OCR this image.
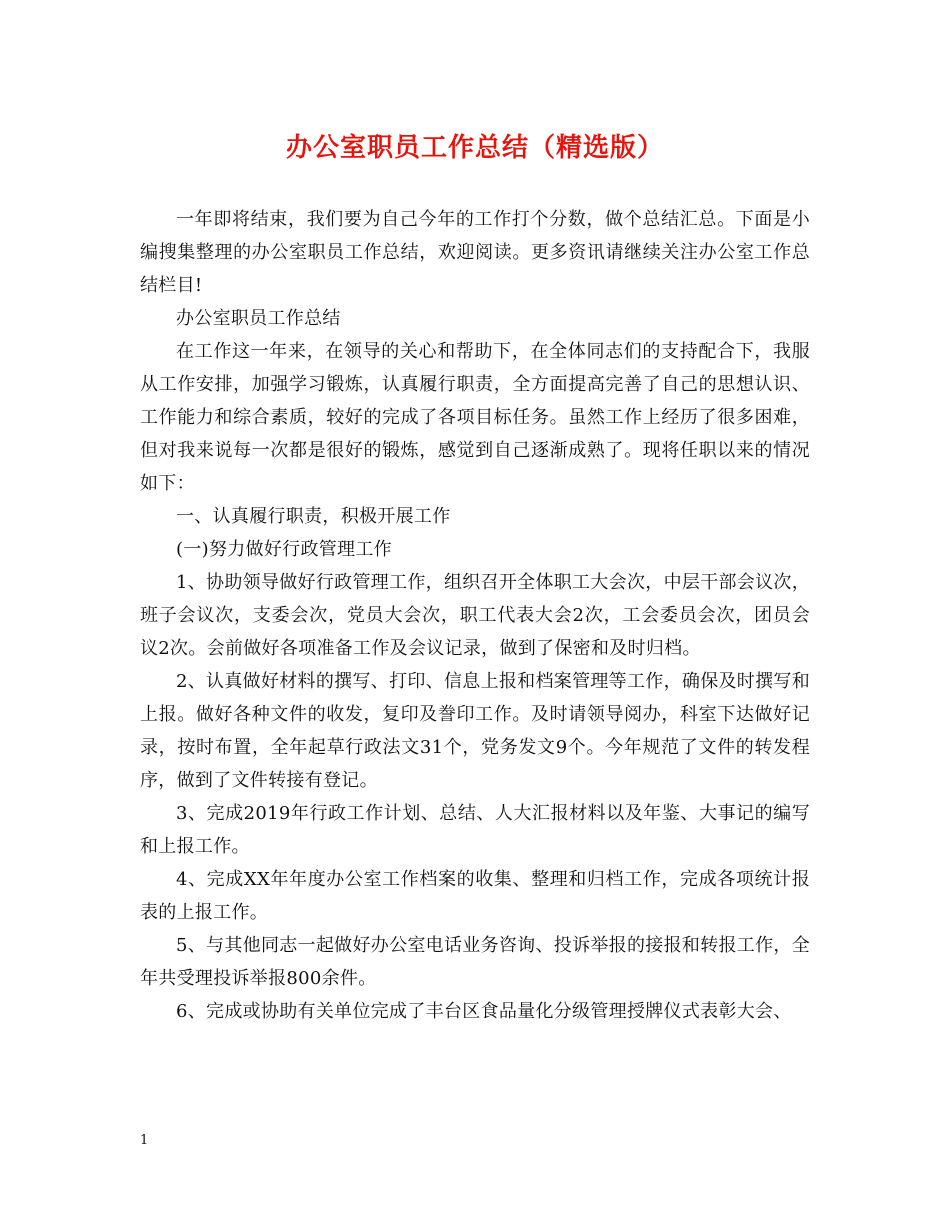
办公室职员工作总结（精选版）

一年即将结束，我们要为自己今年的工作打个分数，做个总结汇总。下面是小编搜集整理的办公室职员工作总结，欢迎阅读。更多资讯请继续关注办公室工作总结栏目!

办公室职员工作总结

在工作这一年来，在领导的关心和帮助下，在全体同志们的支持配合下，我服从工作安排，加强学习锻炼，认真履行职责，全方面提高完善了自己的思想认识、工作能力和综合素质，较好的完成了各项目标任务。虽然工作上经历了很多困难，但对我来说每一次都是很好的锻炼，感觉到自己逐渐成熟了。现将任职以来的情况如下：

一、认真履行职责，积极开展工作

(一)努力做好行政管理工作

1、协助领导做好行政管理工作，组织召开全体职工大会次，中层干部会议次，班子会议次，支委会次，党员大会次，职工代表大会2次，工会委员会次，团员会议2次。会前做好各项准备工作及会议记录，做到了保密和及时归档。

2、认真做好材料的撰写、打印、信息上报和档案管理等工作，确保及时撰写和上报。做好各种文件的收发，复印及誊印工作。及时请领导阅办，科室下达做好记录，按时布置，全年起草行政法文31个，党务发文9个。今年规范了文件的转发程序，做到了文件转接有登记。

3、完成2019年行政工作计划、总结、人大汇报材料以及年鉴、大事记的编写和上报工作。

4、完成XX年年度办公室工作档案的收集、整理和归档工作，完成各项统计报表的上报工作。

5、与其他同志一起做好办公室电话业务咨询、投诉举报的接报和转报工作，全年共受理投诉举报800余件。

6、完成或协助有关单位完成了丰台区食品量化分级管理授牌仪式表彰大会、

1
